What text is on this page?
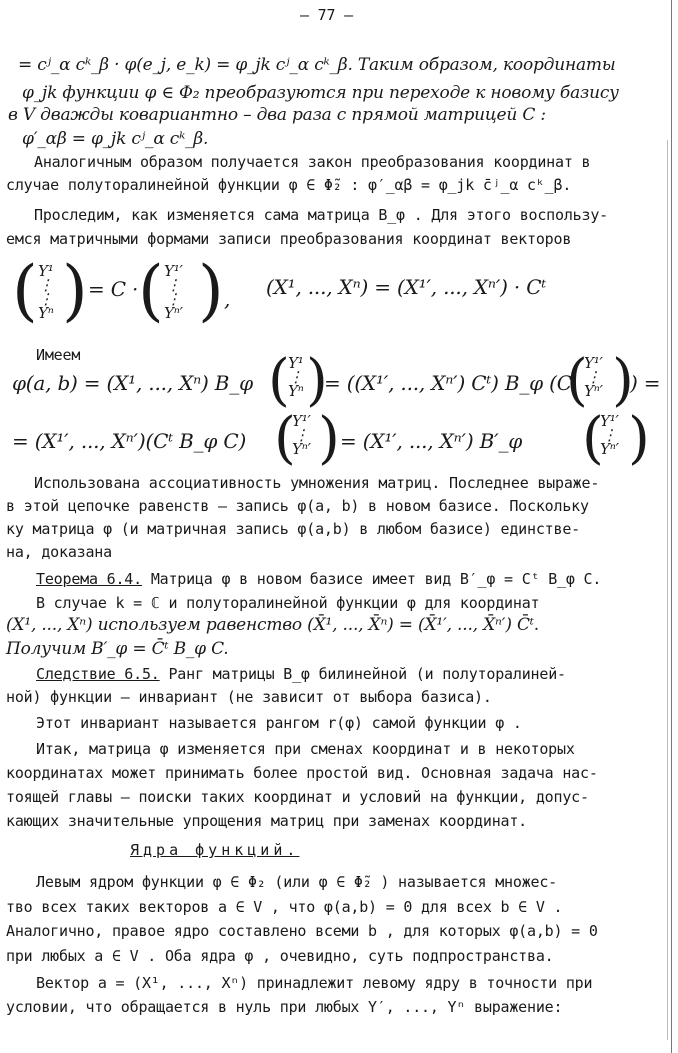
– 77 –
= cʲ_α cᵏ_β · φ(e_j, e_k) = φ_jk cʲ_α cᵏ_β. Таким образом, координаты
φ_jk функции φ ∈ Φ₂ преобразуются при переходе к новому базису
в V дважды ковариантно – два раза с прямой матрицей C :
φ′_αβ = φ_jk cʲ_α cᵏ_β.
Аналогичным образом получается закон преобразования координат в
случае полуторалинейной функции φ ∈ Φ̃₂ : φ′_αβ = φ_jk c̄ʲ_α cᵏ_β.
Проследим, как изменяется сама матрица B_φ . Для этого воспользу-
емся матричными формами записи преобразования координат векторов
( Y¹
⋮
⋮
Yⁿ ) = C · ( Y¹′
⋮
⋮
Yⁿ′ ) , (X¹, ..., Xⁿ) = (X¹′, ..., Xⁿ′) · Cᵗ
Имеем
φ(a, b) = (X¹, ..., Xⁿ) B_φ (
Y¹
⋮
Yⁿ )
= ((X¹′, ..., Xⁿ′) Cᵗ) B_φ (C
(
Y¹′
⋮
Yⁿ′ )
) =
= (X¹′, ..., Xⁿ′)(Cᵗ B_φ C) (
Y¹′
⋮
Yⁿ′ ) = (X¹′, ..., Xⁿ′) B′_φ (
Y¹′
⋮
Yⁿ′ )
Использована ассоциативность умножения матриц. Последнее выраже-
в этой цепочке равенств – запись φ(a, b) в новом базисе. Поскольку
ку матрица φ (и матричная запись φ(a,b) в любом базисе) единстве-
на, доказана
Теорема 6.4. Матрица φ в новом базисе имеет вид B′_φ = Cᵗ B_φ C.
В случае k = ℂ и полуторалинейной функции φ для координат
(X¹, ..., Xⁿ) используем равенство (X̄¹, ..., X̄ⁿ) = (X̄¹′, ..., X̄ⁿ′) C̄ᵗ.
Получим B′_φ = C̄ᵗ B_φ C.
Следствие 6.5. Ранг матрицы B_φ билинейной (и полуторалиней-
ной) функции – инвариант (не зависит от выбора базиса).
Этот инвариант называется рангом r(φ) самой функции φ .
Итак, матрица φ изменяется при сменах координат и в некоторых
координатах может принимать более простой вид. Основная задача нас-
тоящей главы – поиски таких координат и условий на функции, допус-
кающих значительные упрощения матриц при заменах координат.
Ядра функций.
Левым ядром функции φ ∈ Φ₂ (или φ ∈ Φ̃₂ ) называется множес-
тво всех таких векторов a ∈ V , что φ(a,b) = 0 для всех b ∈ V .
Аналогично, правое ядро составлено всеми b , для которых φ(a,b) = 0
при любых a ∈ V . Оба ядра φ , очевидно, суть подпространства.
Вектор a = (X¹, ..., Xⁿ) принадлежит левому ядру в точности при
условии, что обращается в нуль при любых Y′, ..., Yⁿ выражение:
